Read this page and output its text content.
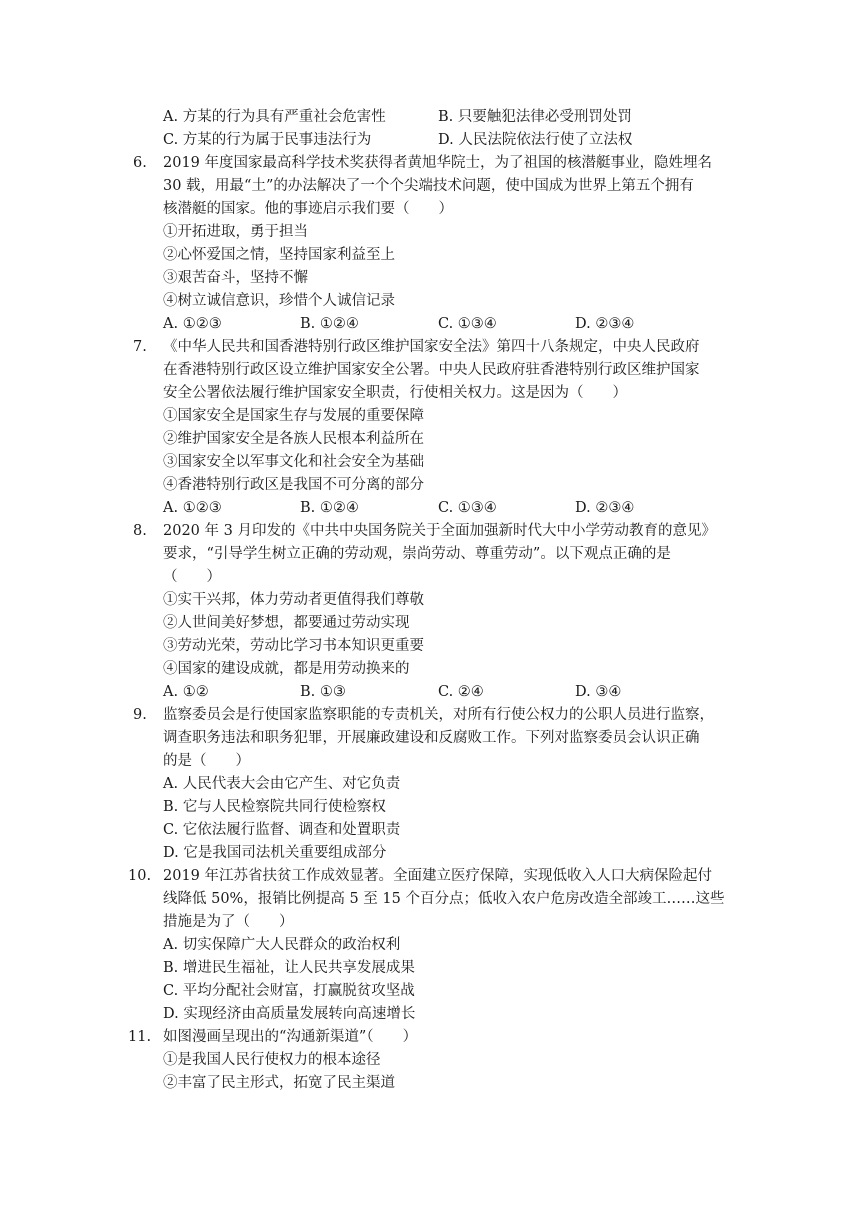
A. 方某的行为具有严重社会危害性	B. 只要触犯法律必受刑罚处罚
C. 方某的行为属于民事违法行为	D. 人民法院依法行使了立法权
6. 2019 年度国家最高科学技术奖获得者黄旭华院士，为了祖国的核潜艇事业，隐姓埋名
30 载，用最“土”的办法解决了一个个尖端技术问题，使中国成为世界上第五个拥有
核潜艇的国家。他的事迹启示我们要（　　）
①开拓进取，勇于担当
②心怀爱国之情，坚持国家利益至上
③艰苦奋斗，坚持不懈
④树立诚信意识，珍惜个人诚信记录
A. ①②③	B. ①②④	C. ①③④	D. ②③④
7. 《中华人民共和国香港特别行政区维护国家安全法》第四十八条规定，中央人民政府
在香港特别行政区设立维护国家安全公署。中央人民政府驻香港特别行政区维护国家
安全公署依法履行维护国家安全职责，行使相关权力。这是因为（　　）
①国家安全是国家生存与发展的重要保障
②维护国家安全是各族人民根本利益所在
③国家安全以军事文化和社会安全为基础
④香港特别行政区是我国不可分离的部分
A. ①②③	B. ①②④	C. ①③④	D. ②③④
8. 2020 年 3 月印发的《中共中央国务院关于全面加强新时代大中小学劳动教育的意见》
要求，“引导学生树立正确的劳动观，崇尚劳动、尊重劳动”。以下观点正确的是
（　　）
①实干兴邦，体力劳动者更值得我们尊敬
②人世间美好梦想，都要通过劳动实现
③劳动光荣，劳动比学习书本知识更重要
④国家的建设成就，都是用劳动换来的
A. ①②	B. ①③	C. ②④	D. ③④
9. 监察委员会是行使国家监察职能的专责机关，对所有行使公权力的公职人员进行监察，
调查职务违法和职务犯罪，开展廉政建设和反腐败工作。下列对监察委员会认识正确
的是（　　）
A. 人民代表大会由它产生、对它负责
B. 它与人民检察院共同行使检察权
C. 它依法履行监督、调查和处置职责
D. 它是我国司法机关重要组成部分
10. 2019 年江苏省扶贫工作成效显著。全面建立医疗保障，实现低收入人口大病保险起付
线降低 50%，报销比例提高 5 至 15 个百分点；低收入农户危房改造全部竣工……这些
措施是为了（　　）
A. 切实保障广大人民群众的政治权利
B. 增进民生福祉，让人民共享发展成果
C. 平均分配社会财富，打赢脱贫攻坚战
D. 实现经济由高质量发展转向高速增长
11. 如图漫画呈现出的“沟通新渠道”（　　）
①是我国人民行使权力的根本途径
②丰富了民主形式，拓宽了民主渠道
